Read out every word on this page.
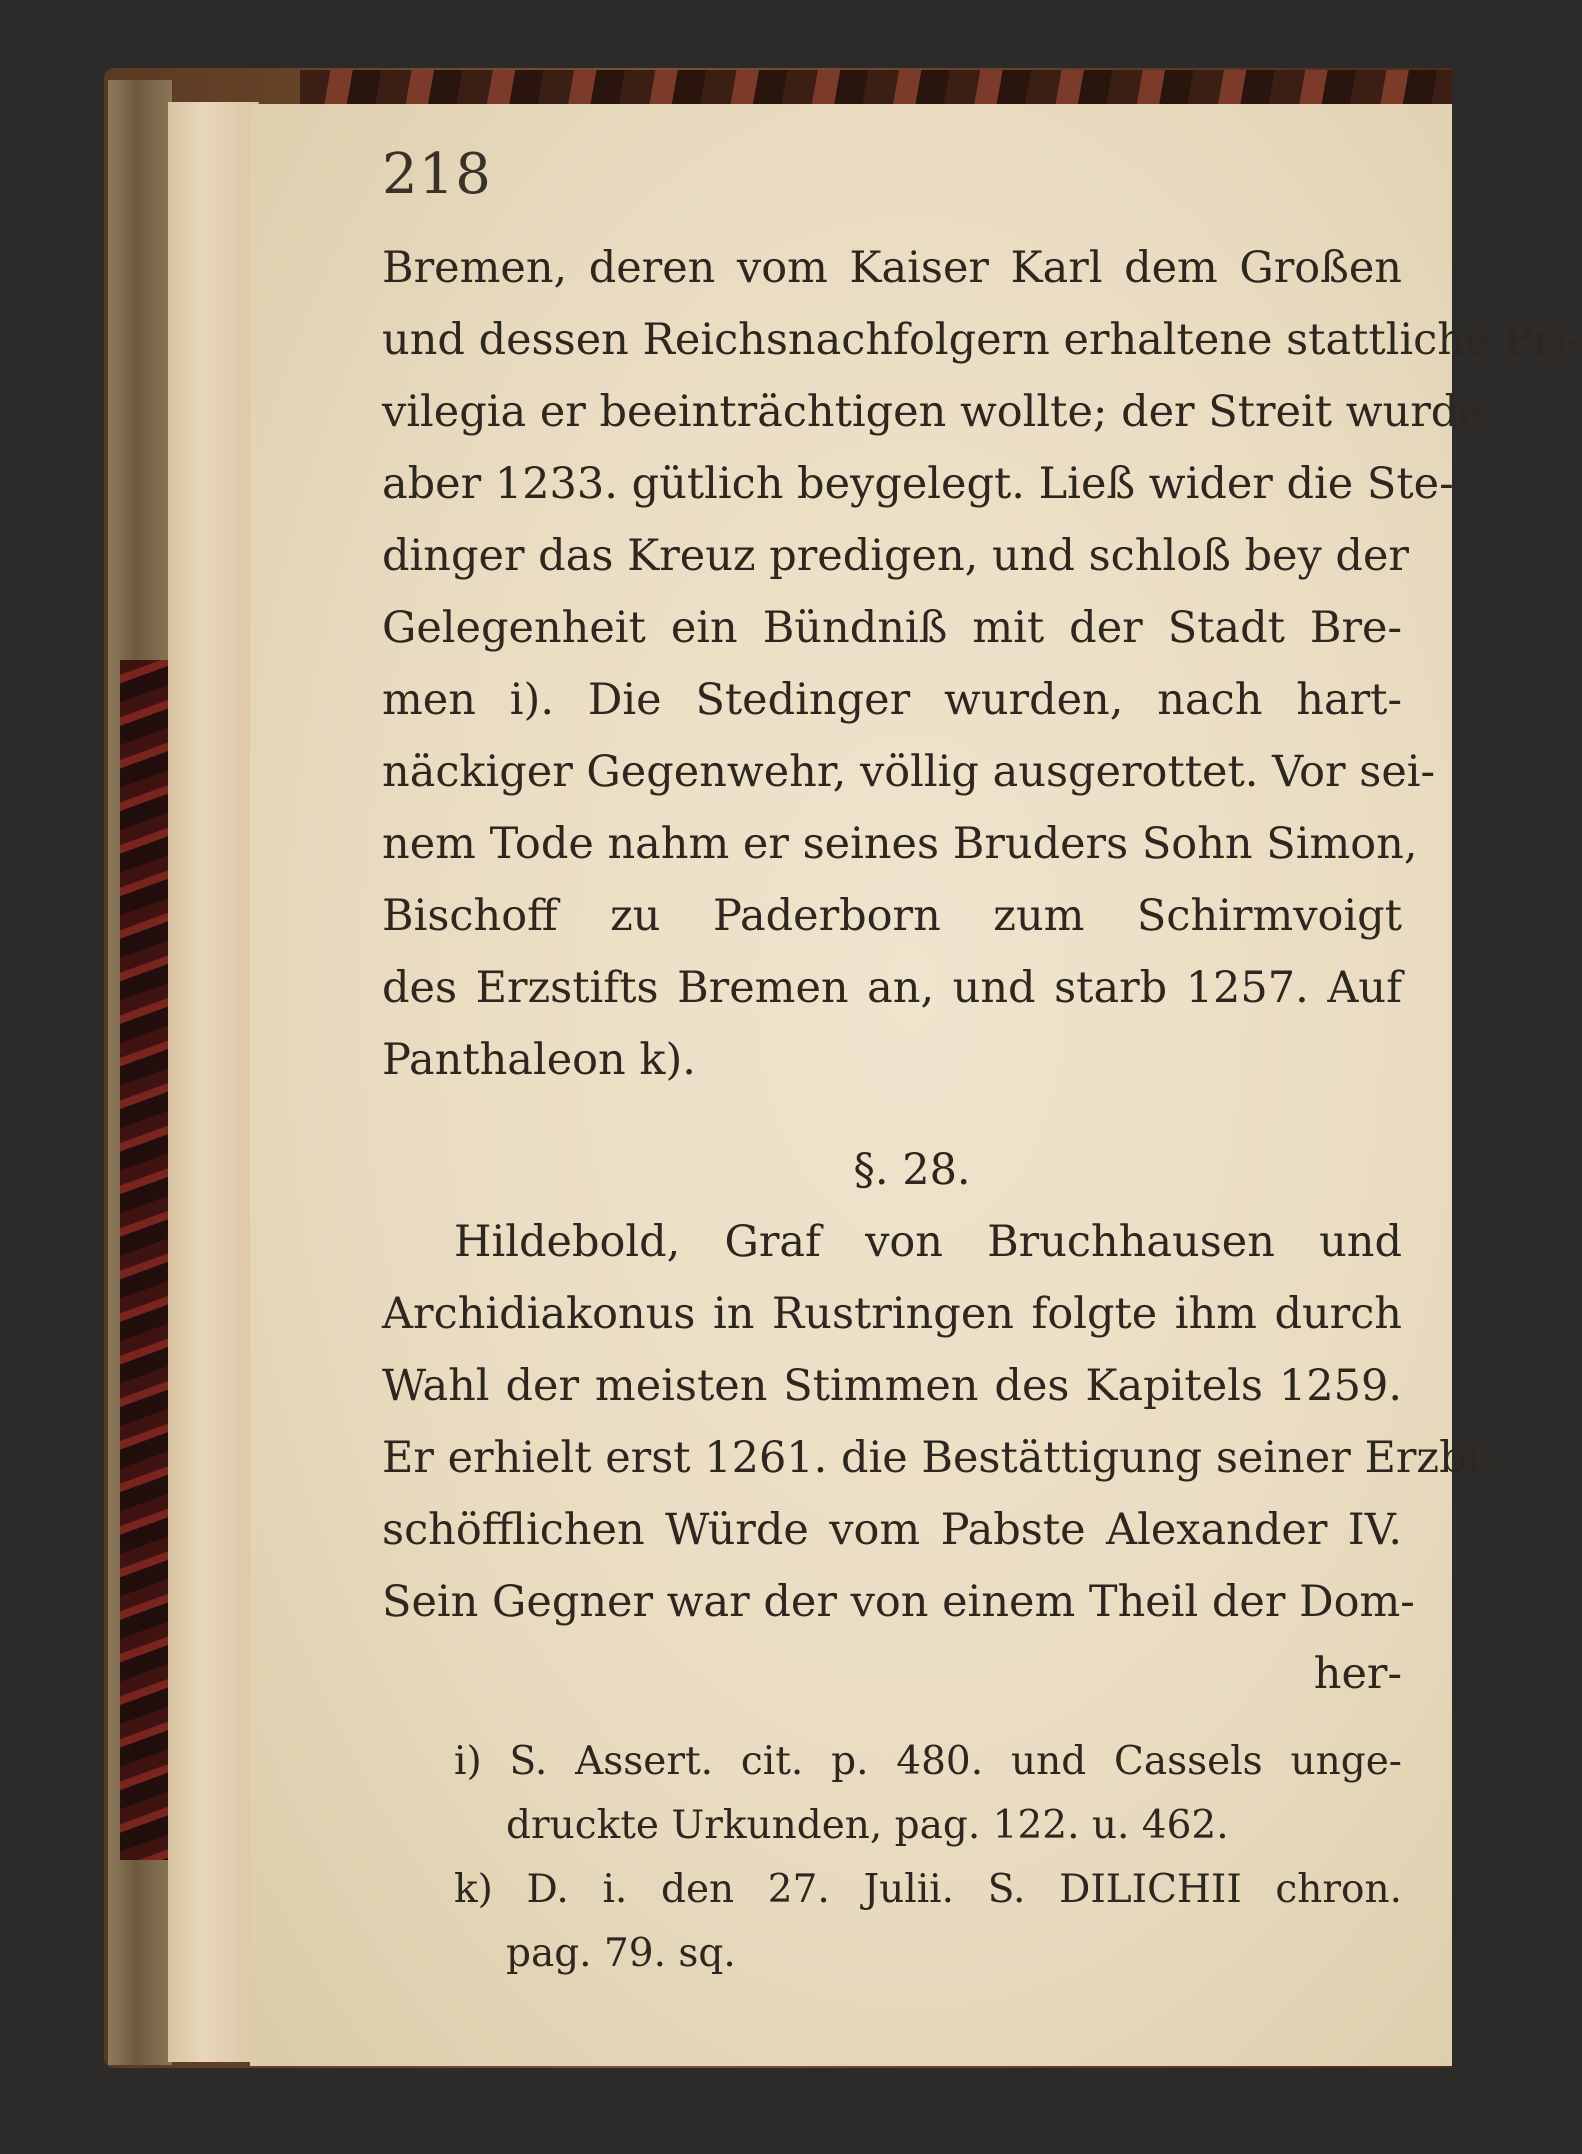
218
Bremen, deren vom Kaiser Karl dem Großen
und dessen Reichsnachfolgern erhaltene stattliche Pri-
vilegia er beeinträchtigen wollte; der Streit wurde
aber 1233. gütlich beygelegt. Ließ wider die Ste-
dinger das Kreuz predigen, und schloß bey der
Gelegenheit ein Bündniß mit der Stadt Bre-
men i). Die Stedinger wurden, nach hart-
näckiger Gegenwehr, völlig ausgerottet. Vor sei-
nem Tode nahm er seines Bruders Sohn Simon,
Bischoff zu Paderborn zum Schirmvoigt
des Erzstifts Bremen an, und starb 1257. Auf
Panthaleon k).
§. 28.
Hildebold, Graf von Bruchhausen und
Archidiakonus in Rustringen folgte ihm durch
Wahl der meisten Stimmen des Kapitels 1259.
Er erhielt erst 1261. die Bestättigung seiner Erzbi-
schöfflichen Würde vom Pabste Alexander IV.
Sein Gegner war der von einem Theil der Dom-
her-
i) S. Assert. cit. p. 480. und Cassels unge-
druckte Urkunden, pag. 122. u. 462.
k) D. i. den 27. Julii. S. DILICHII chron.
pag. 79. sq.
